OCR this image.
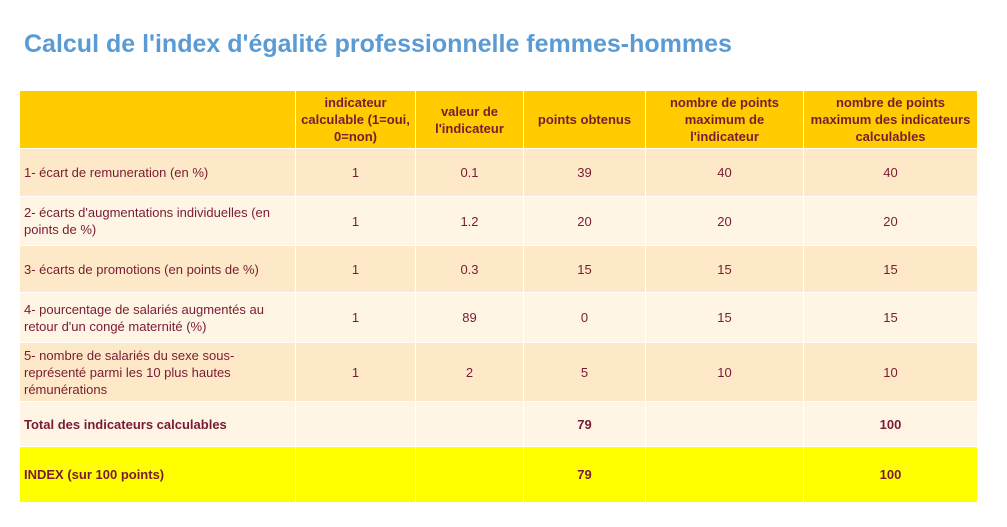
Calcul de l'index d'égalité professionnelle femmes-hommes
	indicateur calculable (1=oui, 0=non)	valeur de l'indicateur	points obtenus	nombre de points maximum de l'indicateur	nombre de points maximum des indicateurs calculables
1- écart de remuneration (en %)	1	0.1	39	40	40
2- écarts d'augmentations individuelles (en points de %)	1	1.2	20	20	20
3- écarts de promotions (en points de %)	1	0.3	15	15	15
4- pourcentage de salariés augmentés au retour d'un congé maternité (%)	1	89	0	15	15
5- nombre de salariés du sexe sous-représenté parmi les 10 plus hautes rémunérations	1	2	5	10	10
Total des indicateurs calculables			79		100
INDEX (sur 100 points)			79		100
